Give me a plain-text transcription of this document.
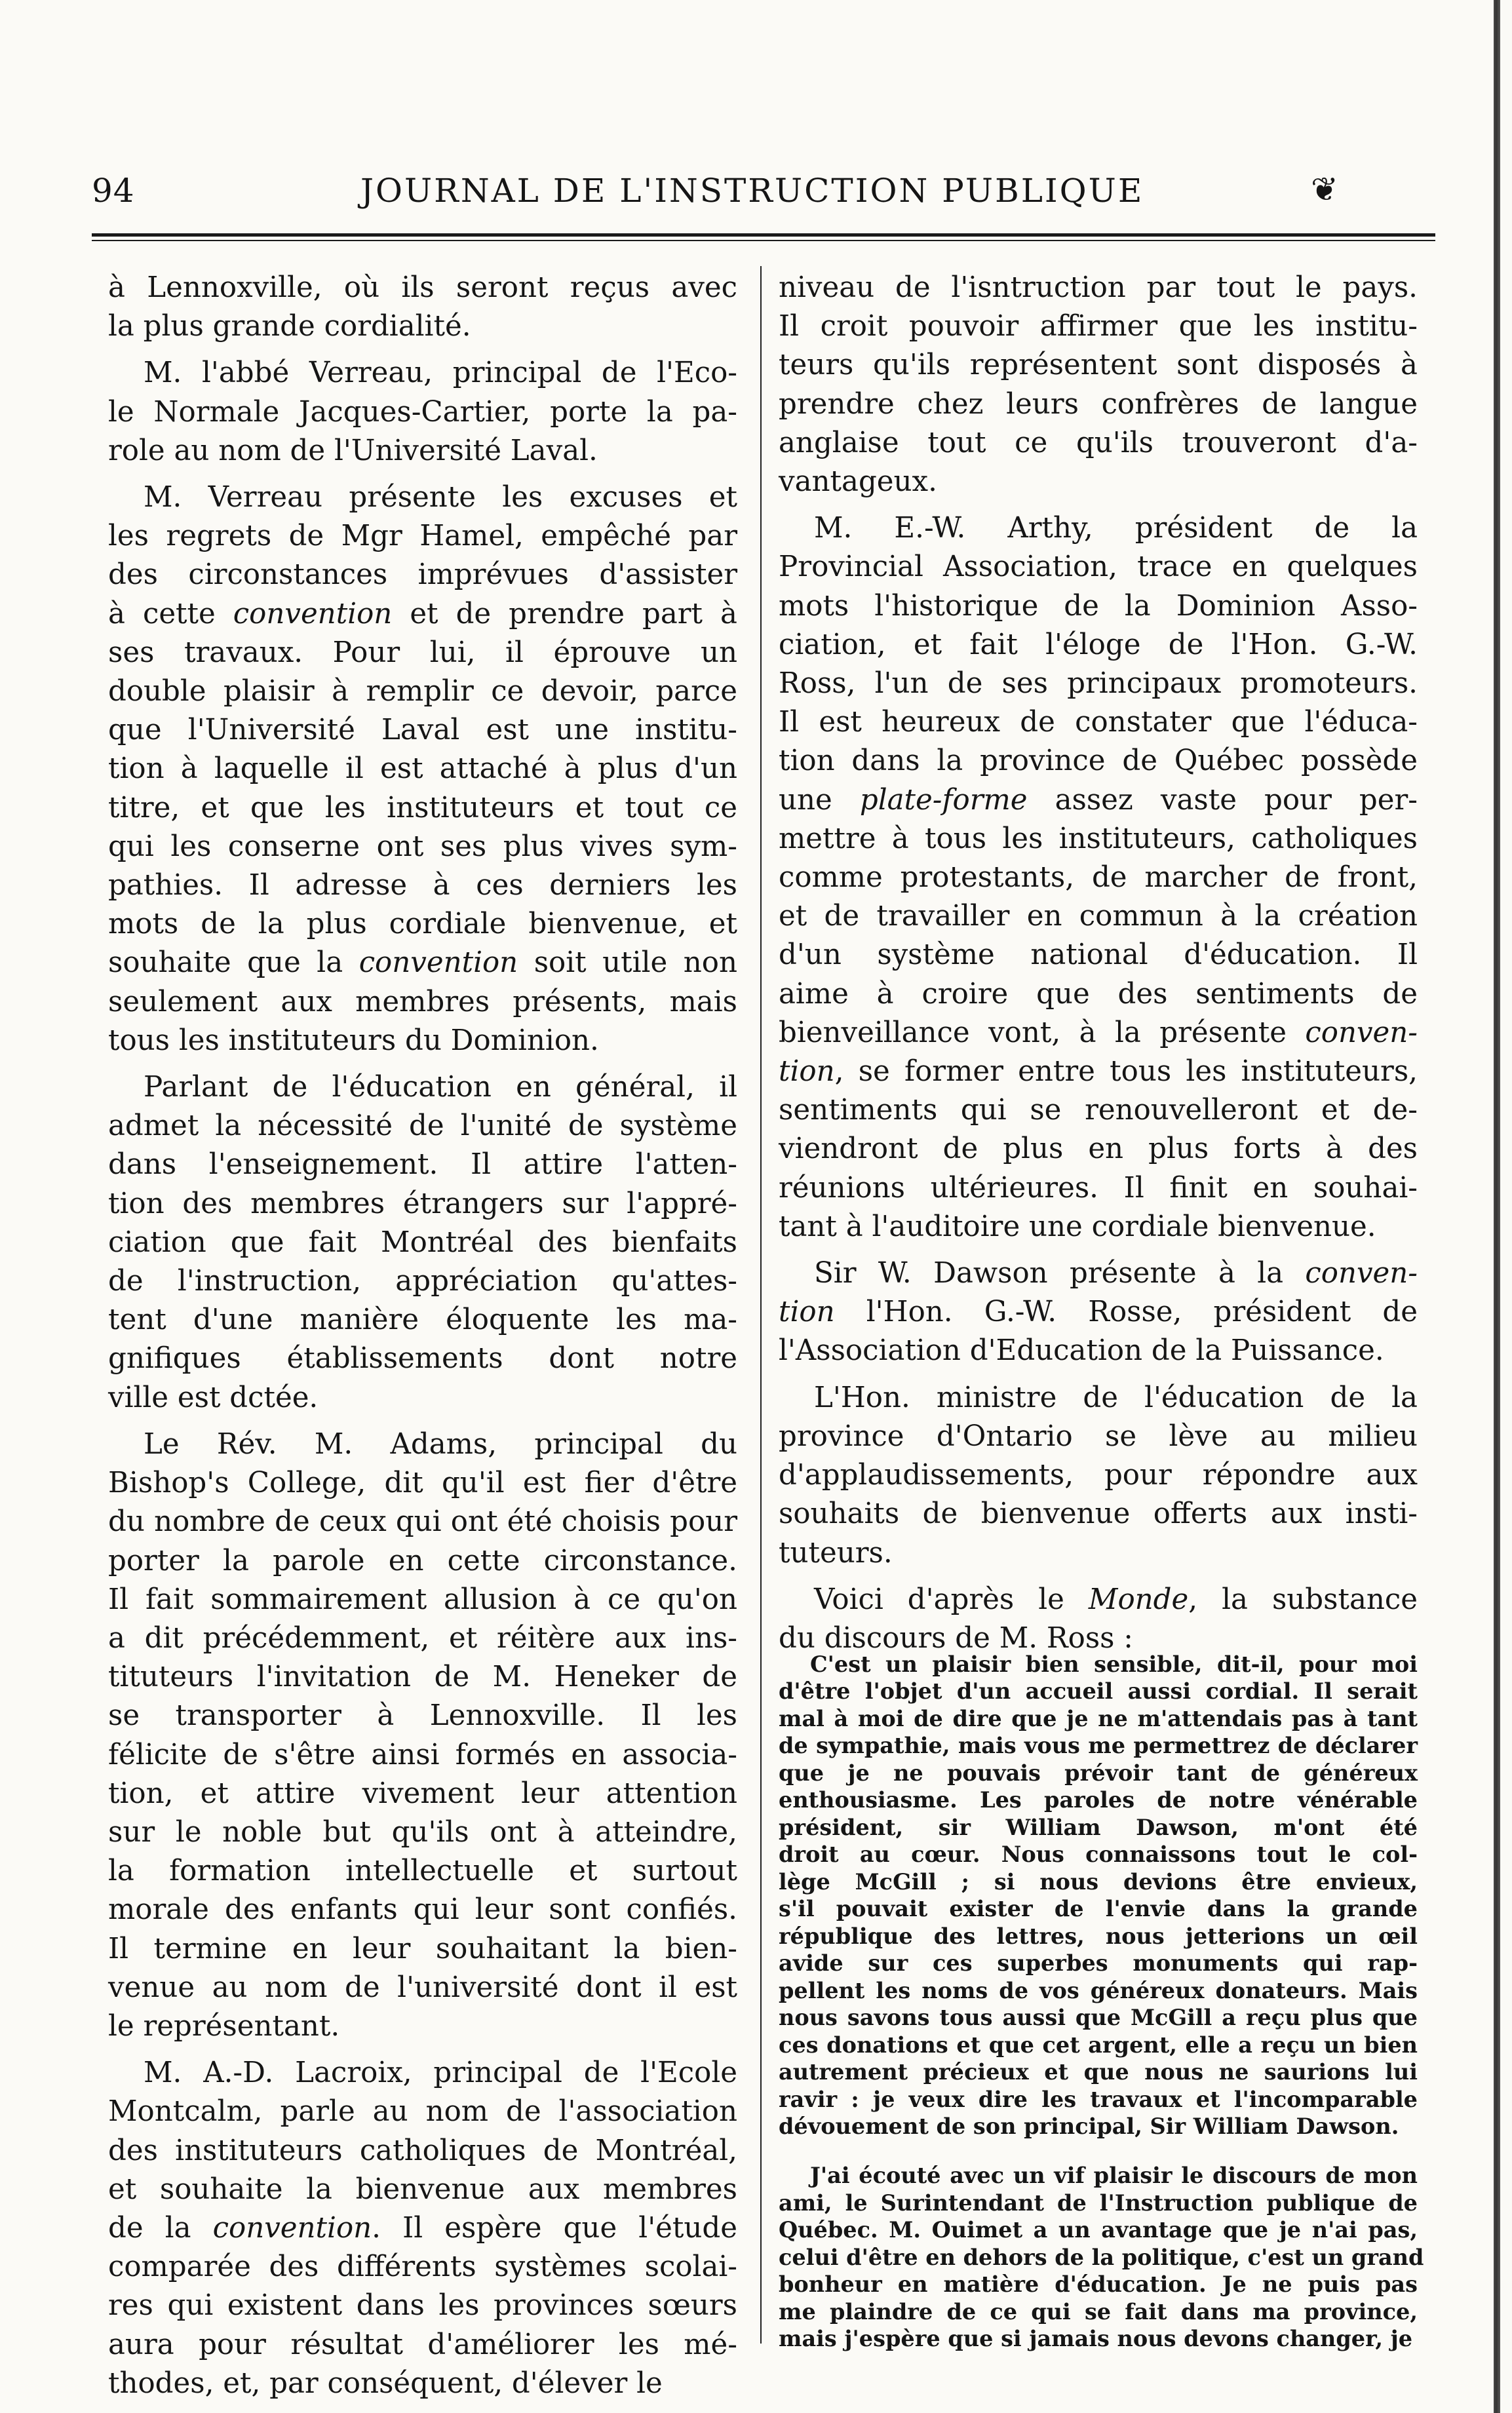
94	JOURNAL DE L'INSTRUCTION PUBLIQUE	❦

à Lennoxville, où ils seront reçus avec
la plus grande cordialité.

M. l'abbé Verreau, principal de l'Eco-
le Normale Jacques-Cartier, porte la pa-
role au nom de l'Université Laval.

M. Verreau présente les excuses et
les regrets de Mgr Hamel, empêché par
des circonstances imprévues d'assister
à cette convention et de prendre part à
ses travaux. Pour lui, il éprouve un
double plaisir à remplir ce devoir, parce
que l'Université Laval est une institu-
tion à laquelle il est attaché à plus d'un
titre, et que les instituteurs et tout ce
qui les conserne ont ses plus vives sym-
pathies. Il adresse à ces derniers les
mots de la plus cordiale bienvenue, et
souhaite que la convention soit utile non
seulement aux membres présents, mais
tous les instituteurs du Dominion.

Parlant de l'éducation en général, il
admet la nécessité de l'unité de système
dans l'enseignement. Il attire l'atten-
tion des membres étrangers sur l'appré-
ciation que fait Montréal des bienfaits
de l'instruction, appréciation qu'attes-
tent d'une manière éloquente les ma-
gnifiques établissements dont notre
ville est dctée.

Le Rév. M. Adams, principal du
Bishop's College, dit qu'il est fier d'être
du nombre de ceux qui ont été choisis pour
porter la parole en cette circonstance.
Il fait sommairement allusion à ce qu'on
a dit précédemment, et réitère aux ins-
tituteurs l'invitation de M. Heneker de
se transporter à Lennoxville. Il les
félicite de s'être ainsi formés en associa-
tion, et attire vivement leur attention
sur le noble but qu'ils ont à atteindre,
la formation intellectuelle et surtout
morale des enfants qui leur sont confiés.
Il termine en leur souhaitant la bien-
venue au nom de l'université dont il est
le représentant.

M. A.-D. Lacroix, principal de l'Ecole
Montcalm, parle au nom de l'association
des instituteurs catholiques de Montréal,
et souhaite la bienvenue aux membres
de la convention. Il espère que l'étude
comparée des différents systèmes scolai-
res qui existent dans les provinces sœurs
aura pour résultat d'améliorer les mé-
thodes, et, par conséquent, d'élever le

niveau de l'isntruction par tout le pays.
Il croit pouvoir affirmer que les institu-
teurs qu'ils représentent sont disposés à
prendre chez leurs confrères de langue
anglaise tout ce qu'ils trouveront d'a-
vantageux.

M. E.-W. Arthy, président de la
Provincial Association, trace en quelques
mots l'historique de la Dominion Asso-
ciation, et fait l'éloge de l'Hon. G.-W.
Ross, l'un de ses principaux promoteurs.
Il est heureux de constater que l'éduca-
tion dans la province de Québec possède
une plate-forme assez vaste pour per-
mettre à tous les instituteurs, catholiques
comme protestants, de marcher de front,
et de travailler en commun à la création
d'un système national d'éducation. Il
aime à croire que des sentiments de
bienveillance vont, à la présente conven-
tion, se former entre tous les instituteurs,
sentiments qui se renouvelleront et de-
viendront de plus en plus forts à des
réunions ultérieures. Il finit en souhai-
tant à l'auditoire une cordiale bienvenue.

Sir W. Dawson présente à la conven-
tion l'Hon. G.-W. Rosse, président de
l'Association d'Education de la Puissance.

L'Hon. ministre de l'éducation de la
province d'Ontario se lève au milieu
d'applaudissements, pour répondre aux
souhaits de bienvenue offerts aux insti-
tuteurs.

Voici d'après le Monde, la substance
du discours de M. Ross :

C'est un plaisir bien sensible, dit-il, pour moi
d'être l'objet d'un accueil aussi cordial. Il serait
mal à moi de dire que je ne m'attendais pas à tant
de sympathie, mais vous me permettrez de déclarer
que je ne pouvais prévoir tant de généreux
enthousiasme. Les paroles de notre vénérable
président, sir William Dawson, m'ont été
droit au cœur. Nous connaissons tout le col-
lège McGill ; si nous devions être envieux,
s'il pouvait exister de l'envie dans la grande
république des lettres, nous jetterions un œil
avide sur ces superbes monuments qui rap-
pellent les noms de vos généreux donateurs. Mais
nous savons tous aussi que McGill a reçu plus que
ces donations et que cet argent, elle a reçu un bien
autrement précieux et que nous ne saurions lui
ravir : je veux dire les travaux et l'incomparable
dévouement de son principal, Sir William Dawson.

J'ai écouté avec un vif plaisir le discours de mon
ami, le Surintendant de l'Instruction publique de
Québec. M. Ouimet a un avantage que je n'ai pas,
celui d'être en dehors de la politique, c'est un grand
bonheur en matière d'éducation. Je ne puis pas
me plaindre de ce qui se fait dans ma province,
mais j'espère que si jamais nous devons changer, je
